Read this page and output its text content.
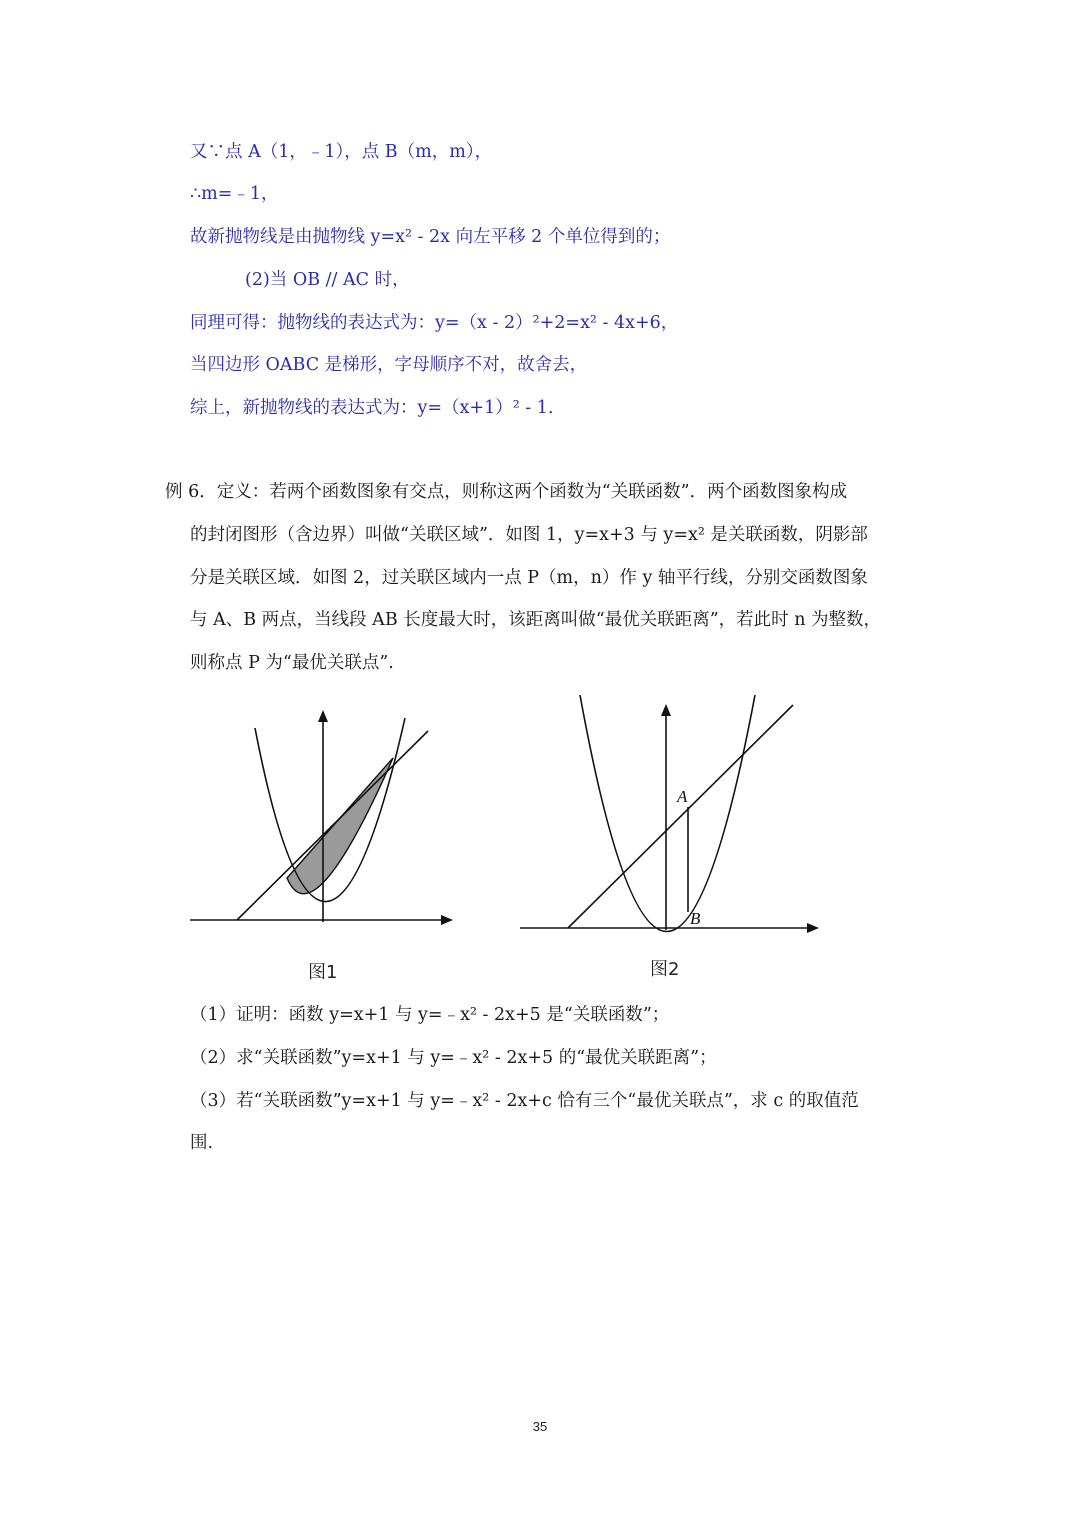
又∵点 A（1，﹣1），点 B（m，m），
∴m=﹣1，
故新抛物线是由抛物线 y=x² - 2x 向左平移 2 个单位得到的；
(2)当 OB // AC 时，
同理可得：抛物线的表达式为：y=（x - 2）²+2=x² - 4x+6，
当四边形 OABC 是梯形，字母顺序不对，故舍去，
综上，新抛物线的表达式为：y=（x+1）² - 1.
例 6．定义：若两个函数图象有交点，则称这两个函数为“关联函数”．两个函数图象构成
的封闭图形（含边界）叫做“关联区域”．如图 1，y=x+3 与 y=x² 是关联函数，阴影部
分是关联区域．如图 2，过关联区域内一点 P（m，n）作 y 轴平行线，分别交函数图象
与 A、B 两点，当线段 AB 长度最大时，该距离叫做“最优关联距离”，若此时 n 为整数，
则称点 P 为“最优关联点”.
图1
A
B
图2
（1）证明：函数 y=x+1 与 y=﹣x² - 2x+5 是“关联函数”；
（2）求“关联函数”y=x+1 与 y=﹣x² - 2x+5 的“最优关联距离”；
（3）若“关联函数”y=x+1 与 y=﹣x² - 2x+c 恰有三个“最优关联点”，求 c 的取值范
围.
35
